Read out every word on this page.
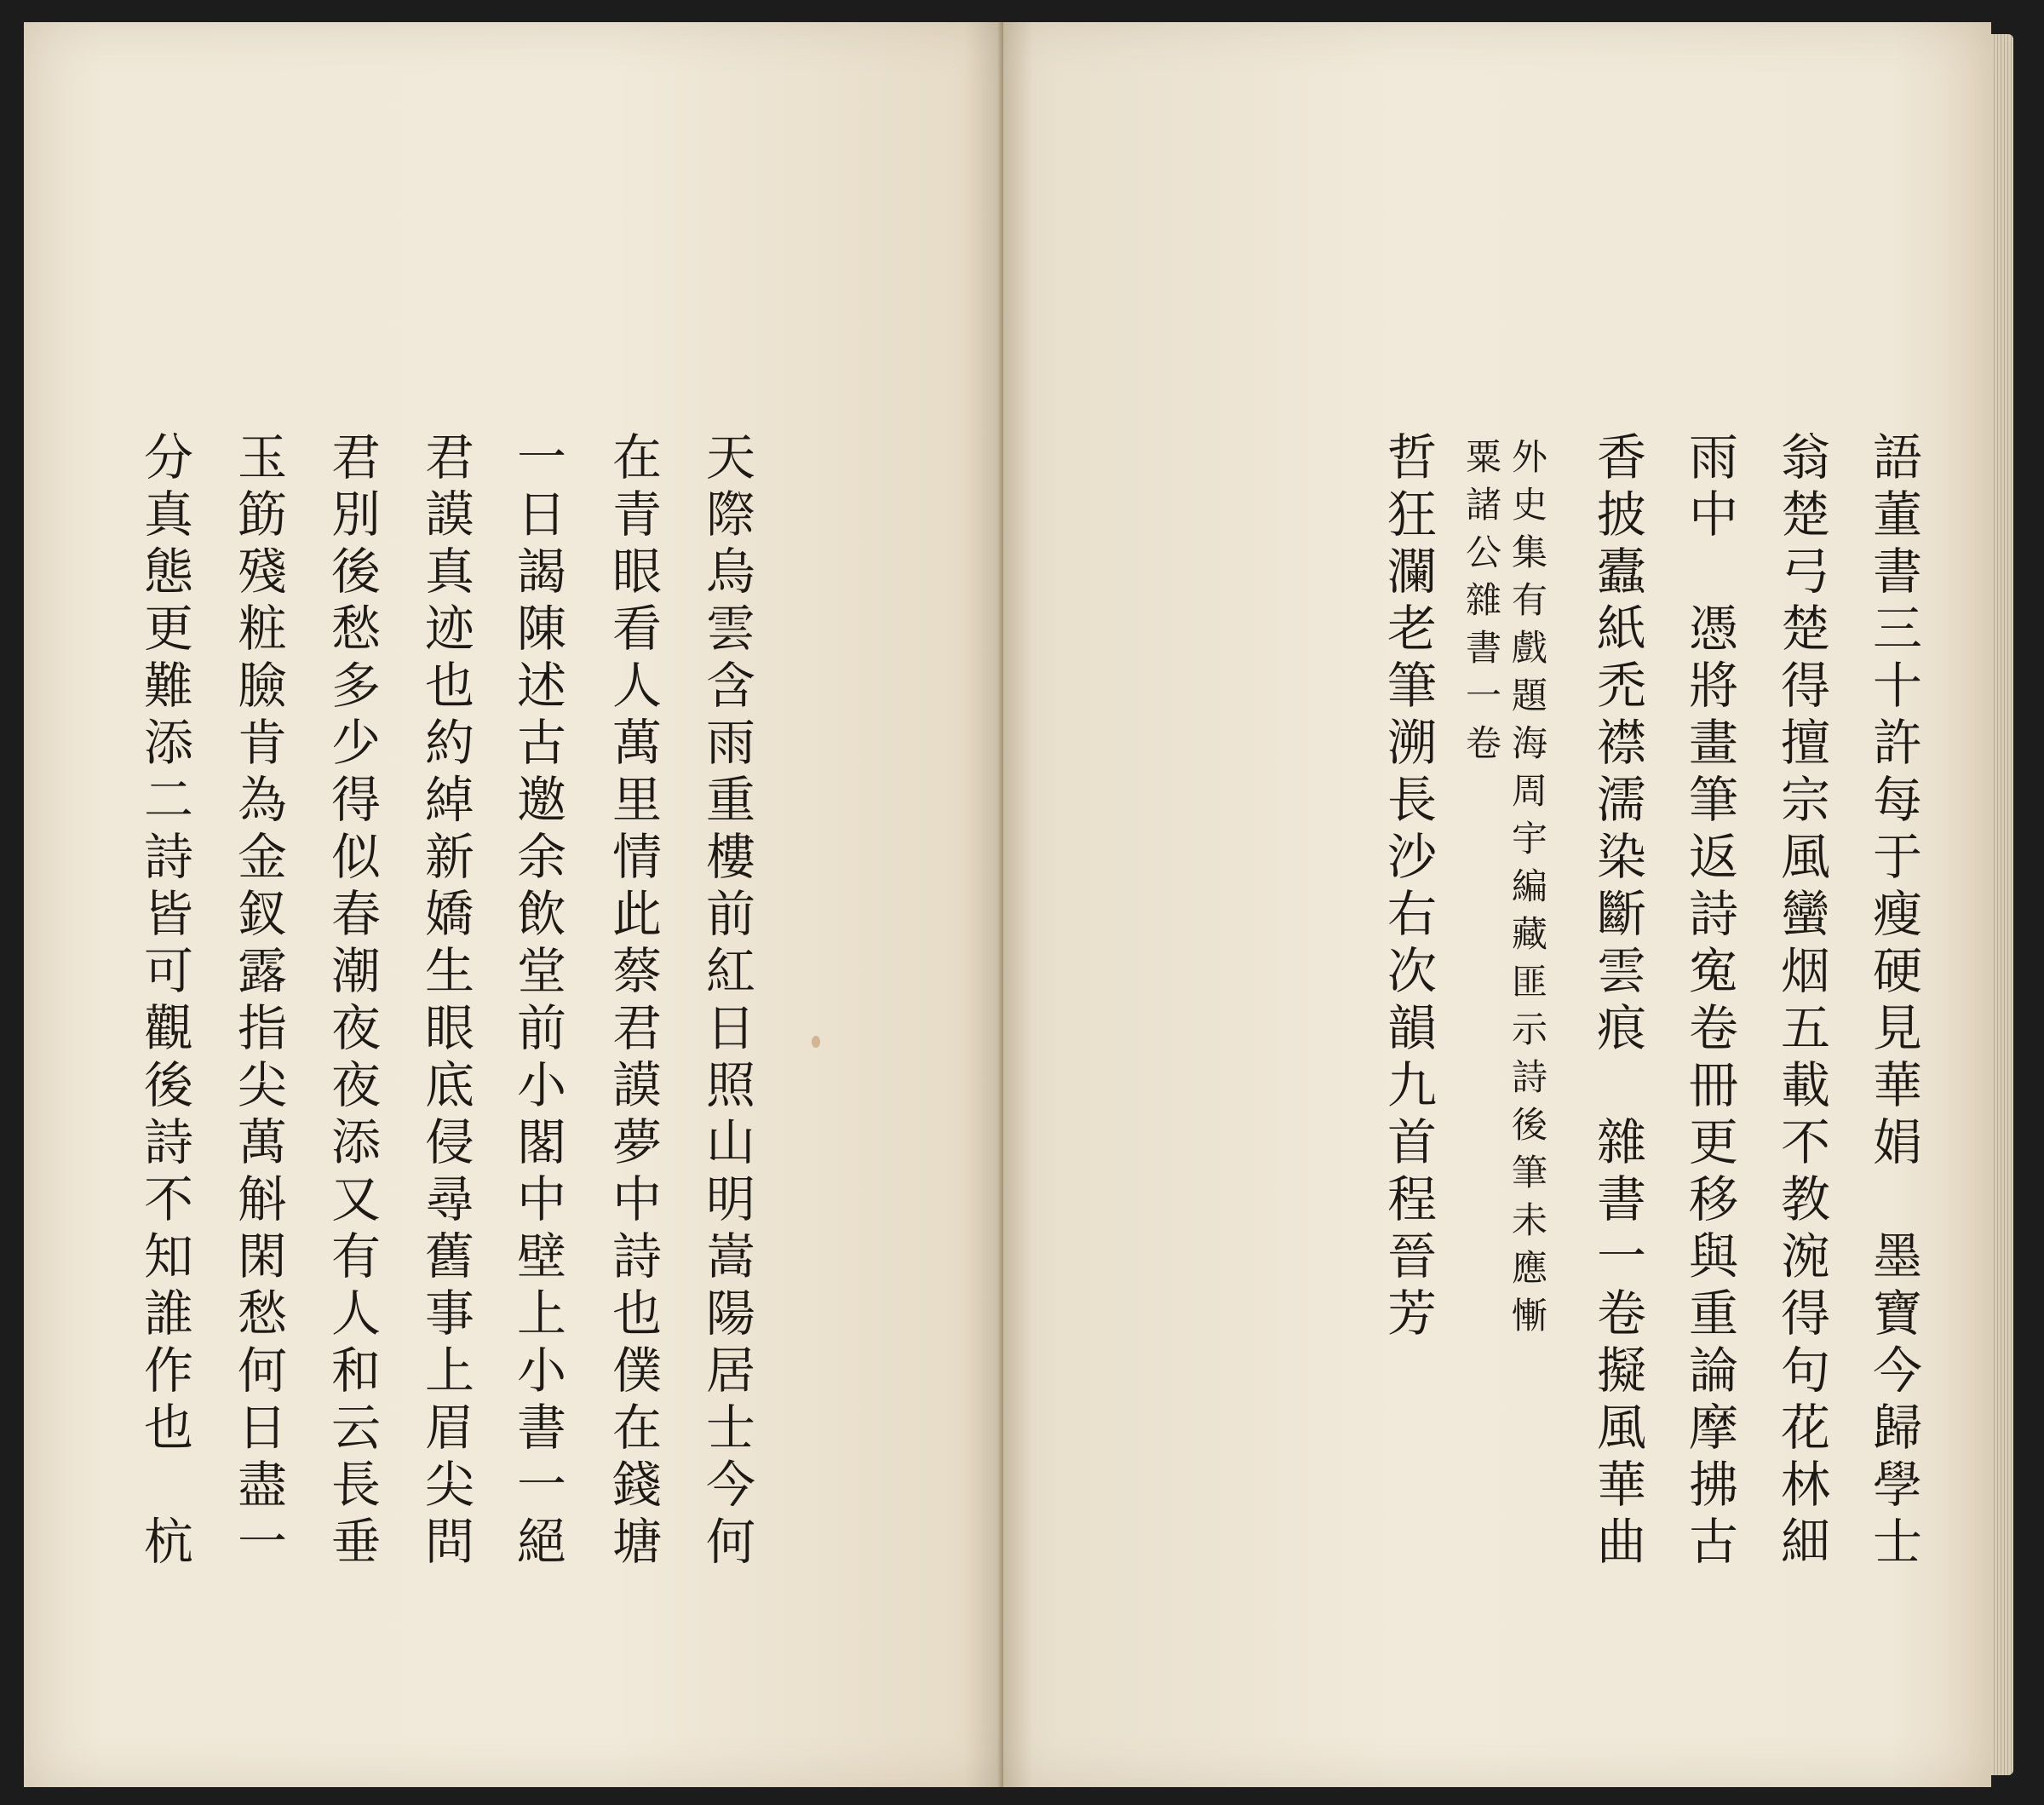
天際烏雲含雨重樓前紅日照山明嵩陽居士今何
在青眼看人萬里情此蔡君謨夢中詩也僕在錢塘
一日謁陳述古邀余飲堂前小閣中壁上小書一絕
君謨真迹也約綽新嬌生眼底侵尋舊事上眉尖問
君別後愁多少得似春潮夜夜添又有人和云長垂
玉筯殘粧臉肯為金釵露指尖萬斛閑愁何日盡一
分真態更難添二詩皆可觀後詩不知誰作也　杭	語董書三十許每于瘦硬見華娟　墨寶今歸學士
翁楚弓楚得擅宗風蠻烟五載不教涴得句花林細
雨中　憑將畫筆返詩寃卷冊更移與重論摩拂古
香披蠹紙禿襟濡染斷雲痕　雜書一卷擬風華曲
外史集有戲題海周宇編藏匪示詩後筆未應慚
粟諸公雜書一卷
哲狂瀾老筆溯長沙右次韻九首程晉芳
